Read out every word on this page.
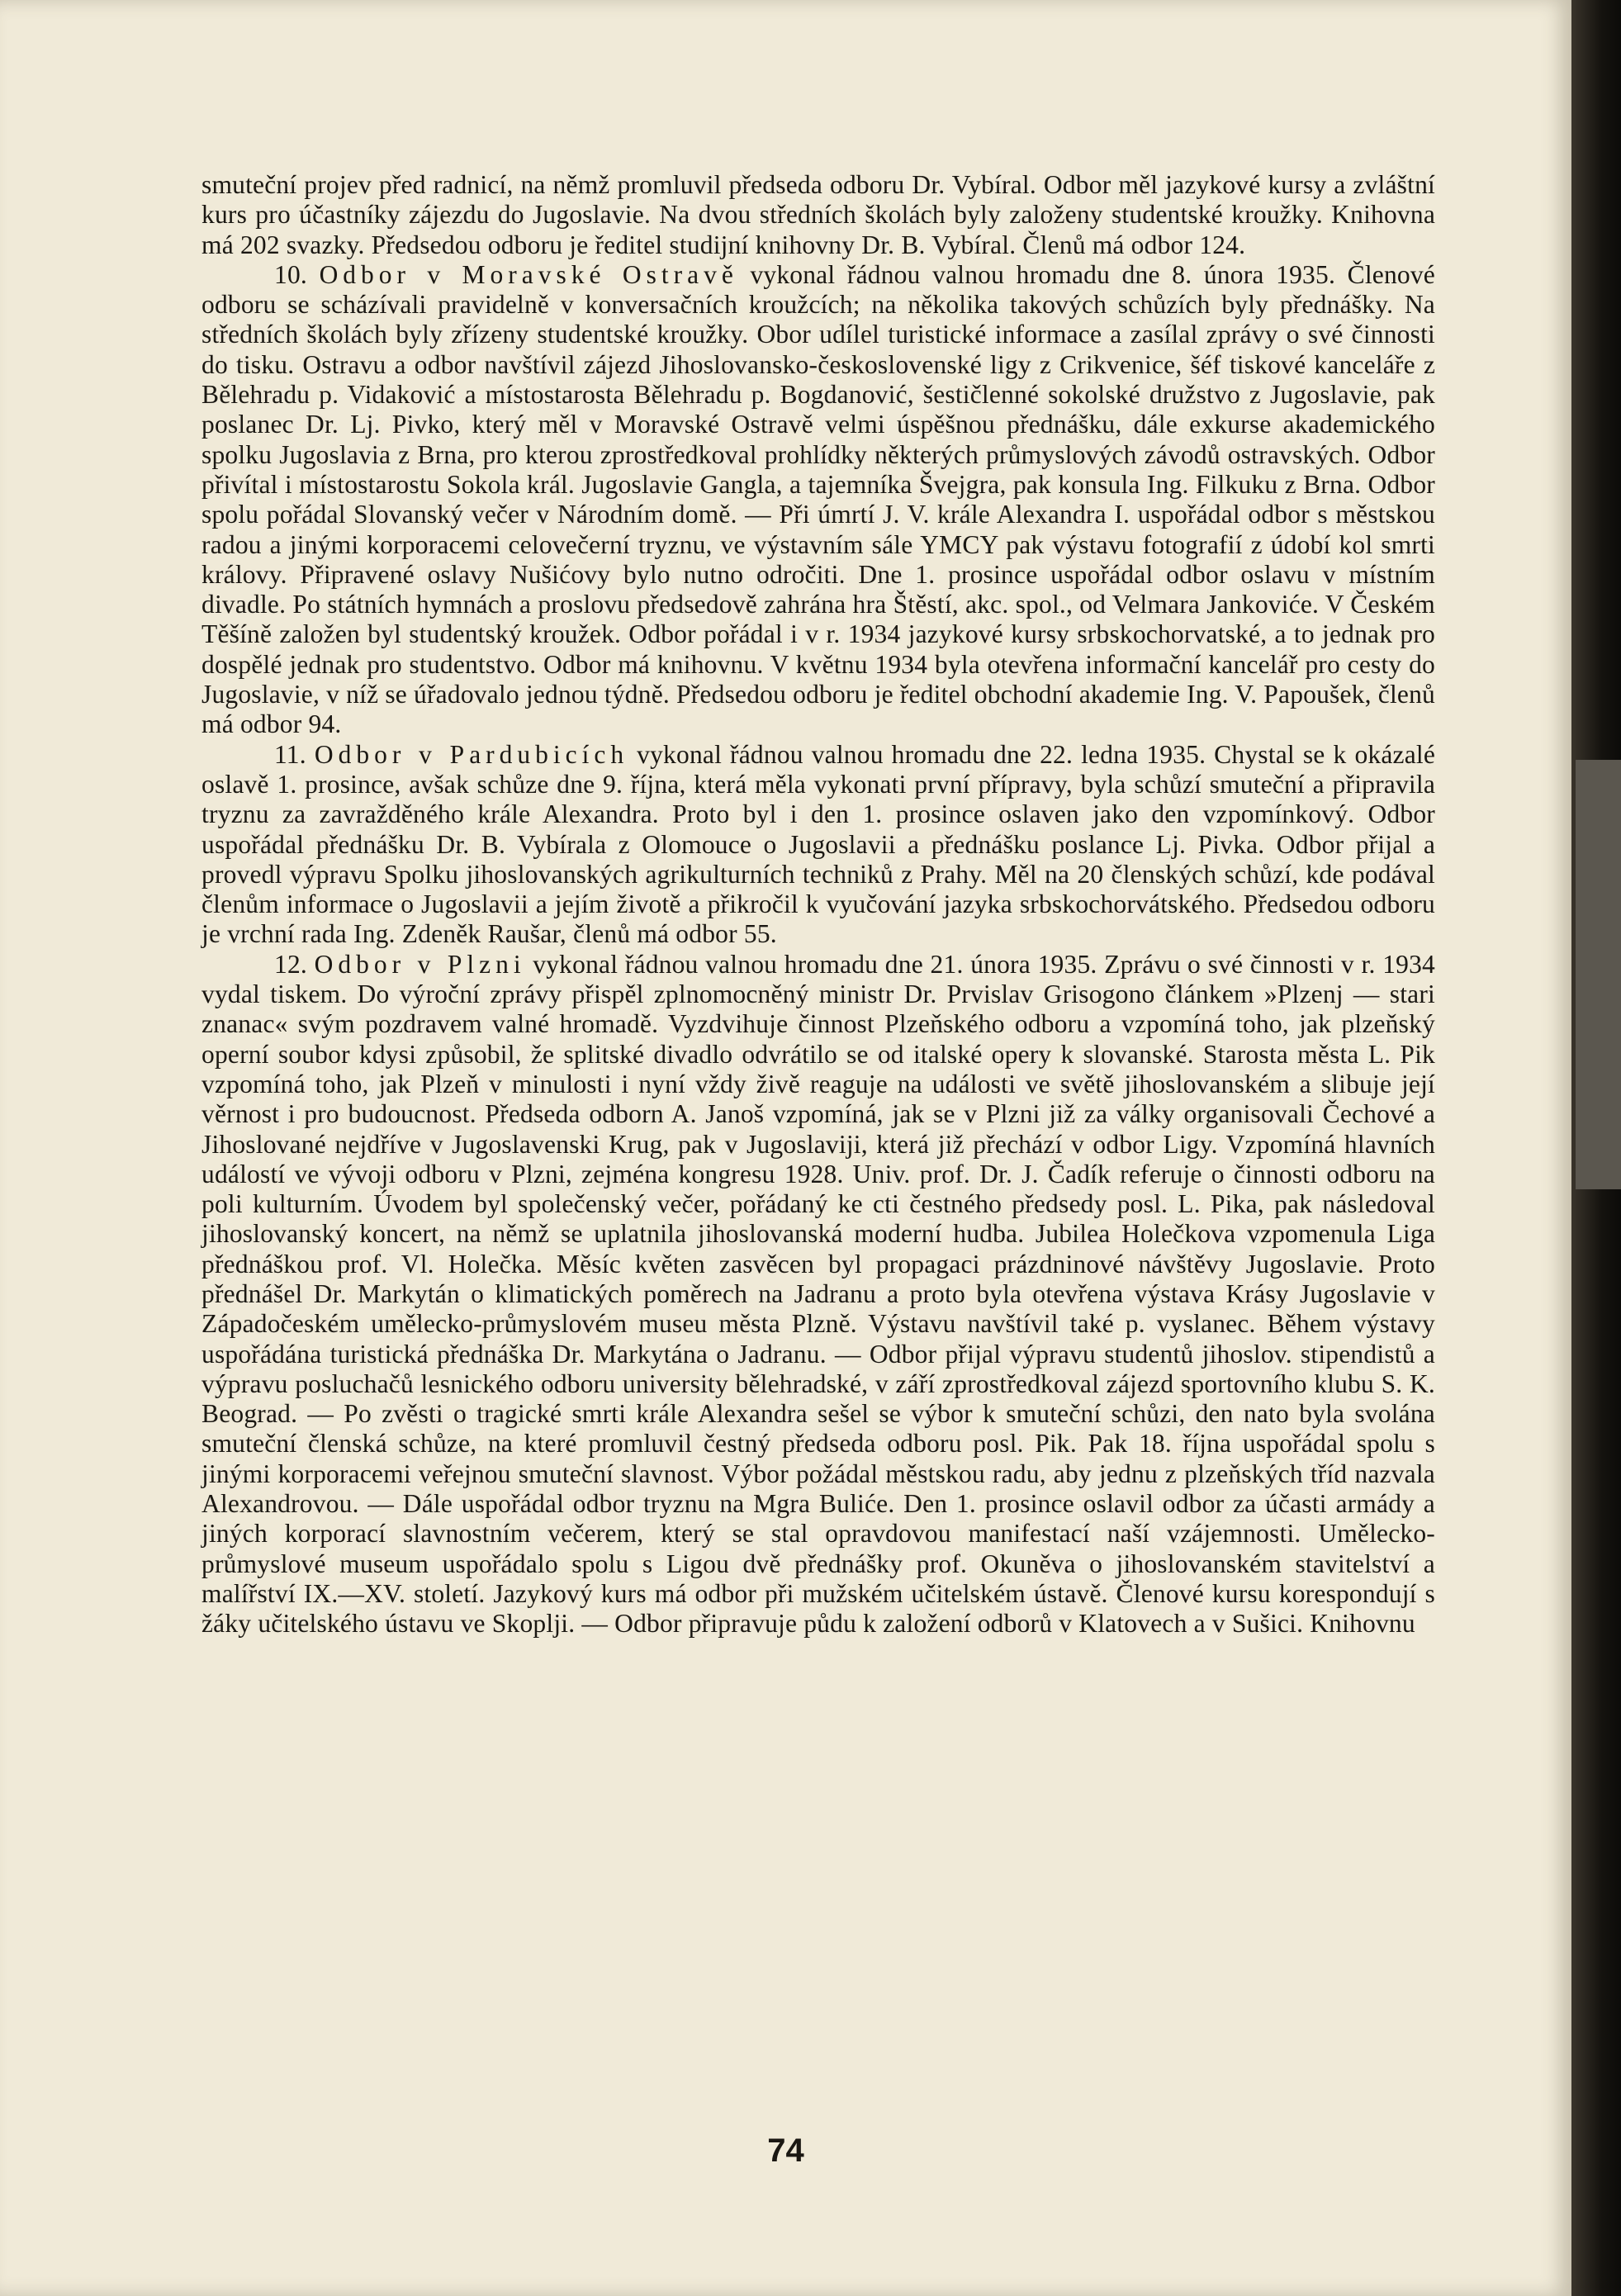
smuteční projev před radnicí, na němž promluvil předseda odboru Dr. Vybíral. Odbor měl jazykové kursy a zvláštní kurs pro účastníky zájezdu do Jugoslavie. Na dvou středních školách byly založeny studentské kroužky. Knihovna má 202 svazky. Předsedou odboru je ředitel studijní knihovny Dr. B. Vybíral. Členů má odbor 124.

10. Odbor v Moravské Ostravě vykonal řádnou valnou hromadu dne 8. února 1935. Členové odboru se scházívali pravidelně v konversačních kroužcích; na několika takových schůzích byly přednášky. Na středních školách byly zřízeny studentské kroužky. Obor udílel turistické informace a zasílal zprávy o své činnosti do tisku. Ostravu a odbor navštívil zájezd Jihoslovansko-československé ligy z Crikvenice, šéf tiskové kanceláře z Bělehradu p. Vidaković a místostarosta Bělehradu p. Bogdanović, šestičlenné sokolské družstvo z Jugoslavie, pak poslanec Dr. Lj. Pivko, který měl v Moravské Ostravě velmi úspěšnou přednášku, dále exkurse akademického spolku Jugoslavia z Brna, pro kterou zprostředkoval prohlídky některých průmyslových závodů ostravských. Odbor přivítal i místostarostu Sokola král. Jugoslavie Gangla, a tajemníka Švejgra, pak konsula Ing. Filkuku z Brna. Odbor spolu pořádal Slovanský večer v Národním domě. — Při úmrtí J. V. krále Alexandra I. uspořádal odbor s městskou radou a jinými korporacemi celovečerní tryznu, ve výstavním sále YMCY pak výstavu fotografií z údobí kol smrti královy. Připravené oslavy Nušićovy bylo nutno odročiti. Dne 1. prosince uspořádal odbor oslavu v místním divadle. Po státních hymnách a proslovu předsedově zahrána hra Štěstí, akc. spol., od Velmara Jankoviće. V Českém Těšíně založen byl studentský kroužek. Odbor pořádal i v r. 1934 jazykové kursy srbskochorvatské, a to jednak pro dospělé jednak pro studentstvo. Odbor má knihovnu. V květnu 1934 byla otevřena informační kancelář pro cesty do Jugoslavie, v níž se úřadovalo jednou týdně. Předsedou odboru je ředitel obchodní akademie Ing. V. Papoušek, členů má odbor 94.

11. Odbor v Pardubicích vykonal řádnou valnou hromadu dne 22. ledna 1935. Chystal se k okázalé oslavě 1. prosince, avšak schůze dne 9. října, která měla vykonati první přípravy, byla schůzí smuteční a připravila tryznu za zavražděného krále Alexandra. Proto byl i den 1. prosince oslaven jako den vzpomínkový. Odbor uspořádal přednášku Dr. B. Vybírala z Olomouce o Jugoslavii a přednášku poslance Lj. Pivka. Odbor přijal a provedl výpravu Spolku jihoslovanských agrikulturních techniků z Prahy. Měl na 20 členských schůzí, kde podával členům informace o Jugoslavii a jejím životě a přikročil k vyučování jazyka srbskochorvátského. Předsedou odboru je vrchní rada Ing. Zdeněk Raušar, členů má odbor 55.

12. Odbor v Plzni vykonal řádnou valnou hromadu dne 21. února 1935. Zprávu o své činnosti v r. 1934 vydal tiskem. Do výroční zprávy přispěl zplnomocněný ministr Dr. Prvislav Grisogono článkem »Plzenj — stari znanac« svým pozdravem valné hromadě. Vyzdvihuje činnost Plzeňského odboru a vzpomíná toho, jak plzeňský operní soubor kdysi způsobil, že splitské divadlo odvrátilo se od italské opery k slovanské. Starosta města L. Pik vzpomíná toho, jak Plzeň v minulosti i nyní vždy živě reaguje na události ve světě jihoslovanském a slibuje její věrnost i pro budoucnost. Předseda odborn A. Janoš vzpomíná, jak se v Plzni již za války organisovali Čechové a Jihoslované nejdříve v Jugoslavenski Krug, pak v Jugoslaviji, která již přechází v odbor Ligy. Vzpomíná hlavních událostí ve vývoji odboru v Plzni, zejména kongresu 1928. Univ. prof. Dr. J. Čadík referuje o činnosti odboru na poli kulturním. Úvodem byl společenský večer, pořádaný ke cti čestného předsedy posl. L. Pika, pak následoval jihoslovanský koncert, na němž se uplatnila jihoslovanská moderní hudba. Jubilea Holečkova vzpomenula Liga přednáškou prof. Vl. Holečka. Měsíc květen zasvěcen byl propagaci prázdninové návštěvy Jugoslavie. Proto přednášel Dr. Markytán o klimatických poměrech na Jadranu a proto byla otevřena výstava Krásy Jugoslavie v Západočeském umělecko-průmyslovém museu města Plzně. Výstavu navštívil také p. vyslanec. Během výstavy uspořádána turistická přednáška Dr. Markytána o Jadranu. — Odbor přijal výpravu studentů jihoslov. stipendistů a výpravu posluchačů lesnického odboru university bělehradské, v září zprostředkoval zájezd sportovního klubu S. K. Beograd. — Po zvěsti o tragické smrti krále Alexandra sešel se výbor k smuteční schůzi, den nato byla svolána smuteční členská schůze, na které promluvil čestný předseda odboru posl. Pik. Pak 18. října uspořádal spolu s jinými korporacemi veřejnou smuteční slavnost. Výbor požádal městskou radu, aby jednu z plzeňských tříd nazvala Alexandrovou. — Dále uspořádal odbor tryznu na Mgra Buliće. Den 1. prosince oslavil odbor za účasti armády a jiných korporací slavnostním večerem, který se stal opravdovou manifestací naší vzájemnosti. Umělecko-průmyslové museum uspořádalo spolu s Ligou dvě přednášky prof. Okuněva o jihoslovanském stavitelství a malířství IX.—XV. století. Jazykový kurs má odbor při mužském učitelském ústavě. Členové kursu korespondují s žáky učitelského ústavu ve Skoplji. — Odbor připravuje půdu k založení odborů v Klatovech a v Sušici. Knihovnu

74
